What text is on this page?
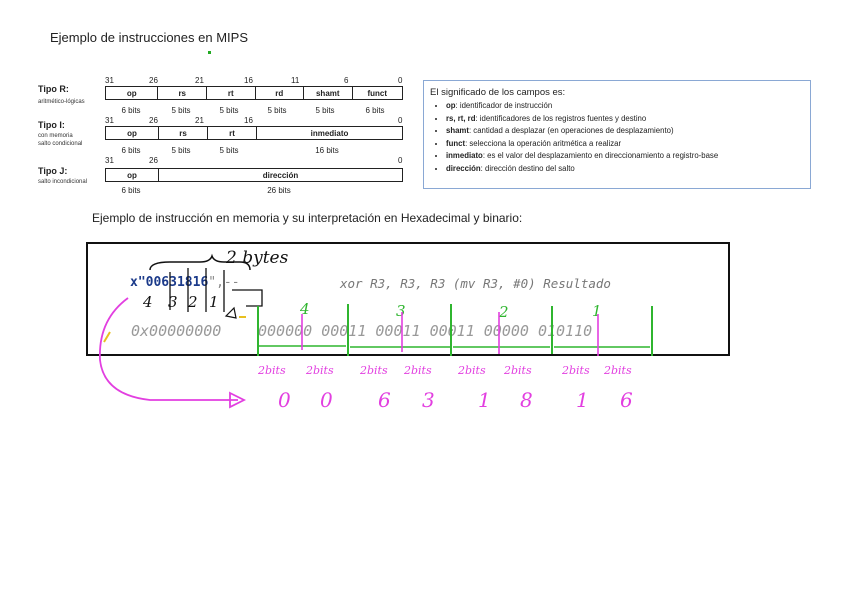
Ejemplo de instrucciones en MIPS
Tipo R:
aritmético-lógicas
31	26	21	16	11	6	0
op	rs	rt	rd	shamt	funct
6 bits	5 bits	5 bits	5 bits	5 bits	6 bits
Tipo I:
con memoria
salto condicional
31	26	21	16	0
op	rs	rt	inmediato
6 bits	5 bits	5 bits	16 bits
Tipo J:
salto incondicional
31	26	0
op	dirección
6 bits	26 bits
El significado de los campos es:
• op: identificador de instrucción
• rs, rt, rd: identificadores de los registros fuentes y destino
• shamt: cantidad a desplazar (en operaciones de desplazamiento)
• funct: selecciona la operación aritmética a realizar
• inmediato: es el valor del desplazamiento en direccionamiento a registro-base
• dirección: dirección destino del salto
Ejemplo de instrucción en memoria y su interpretación en Hexadecimal y binario:
x"00631816",--	xor R3, R3, R3 (mv R3, #0) Resultado
0x00000000 000000 00011 00011 00011 00000 010110
2 bytes
4 3 2 1	4	3	2	1
2bits 2bits 2bits 2bits 2bits 2bits	2bits 2bits
0 0 6 3 1 8 1 6
